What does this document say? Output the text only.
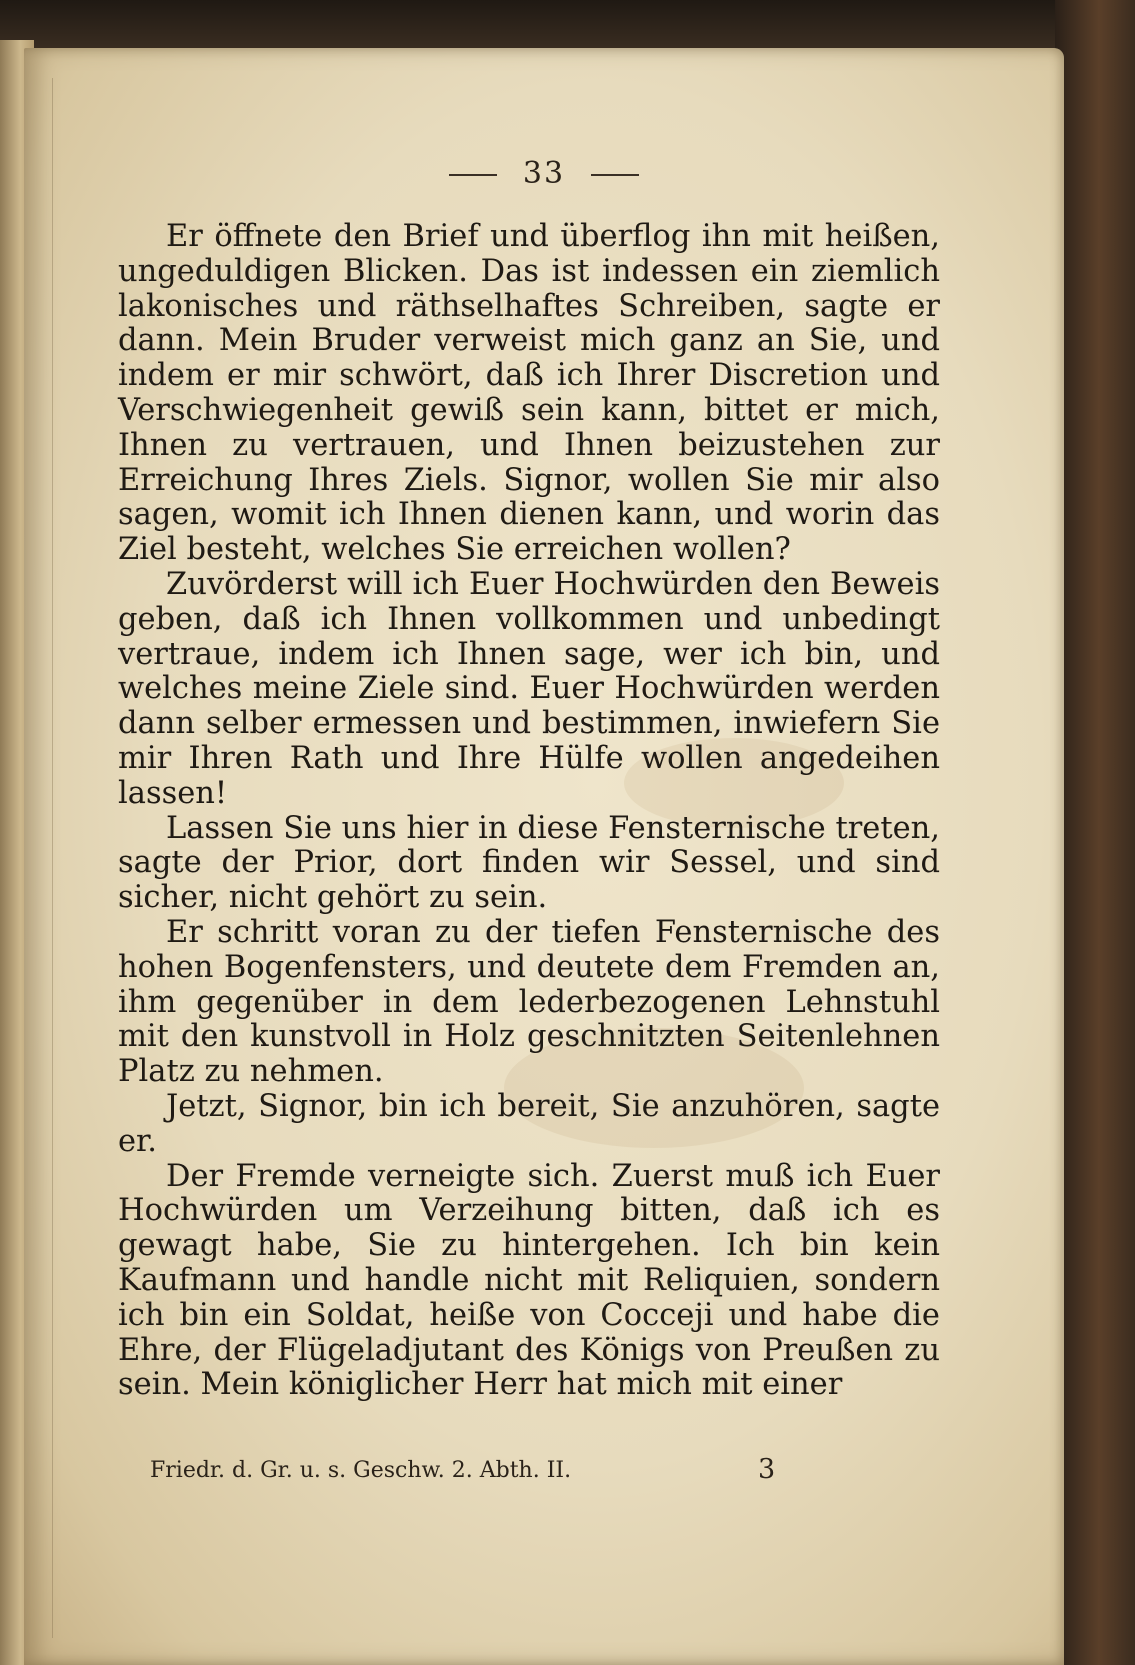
33

Er öffnete den Brief und überflog ihn mit heißen, ungeduldigen Blicken. Das ist indessen ein ziemlich lakonisches und räthselhaftes Schreiben, sagte er dann. Mein Bruder verweist mich ganz an Sie, und indem er mir schwört, daß ich Ihrer Discretion und Verschwiegenheit gewiß sein kann, bittet er mich, Ihnen zu vertrauen, und Ihnen beizustehen zur Erreichung Ihres Ziels. Signor, wollen Sie mir also sagen, womit ich Ihnen dienen kann, und worin das Ziel besteht, welches Sie erreichen wollen?

Zuvörderst will ich Euer Hochwürden den Beweis geben, daß ich Ihnen vollkommen und unbedingt vertraue, indem ich Ihnen sage, wer ich bin, und welches meine Ziele sind. Euer Hochwürden werden dann selber ermessen und bestimmen, inwiefern Sie mir Ihren Rath und Ihre Hülfe wollen angedeihen lassen!

Lassen Sie uns hier in diese Fensternische treten, sagte der Prior, dort finden wir Sessel, und sind sicher, nicht gehört zu sein.

Er schritt voran zu der tiefen Fensternische des hohen Bogenfensters, und deutete dem Fremden an, ihm gegenüber in dem lederbezogenen Lehnstuhl mit den kunstvoll in Holz geschnitzten Seitenlehnen Platz zu nehmen.

Jetzt, Signor, bin ich bereit, Sie anzuhören, sagte er.

Der Fremde verneigte sich. Zuerst muß ich Euer Hochwürden um Verzeihung bitten, daß ich es gewagt habe, Sie zu hintergehen. Ich bin kein Kaufmann und handle nicht mit Reliquien, sondern ich bin ein Soldat, heiße von Cocceji und habe die Ehre, der Flügeladjutant des Königs von Preußen zu sein. Mein königlicher Herr hat mich mit einer

Friedr. d. Gr. u. s. Geschw. 2. Abth. II.	3
